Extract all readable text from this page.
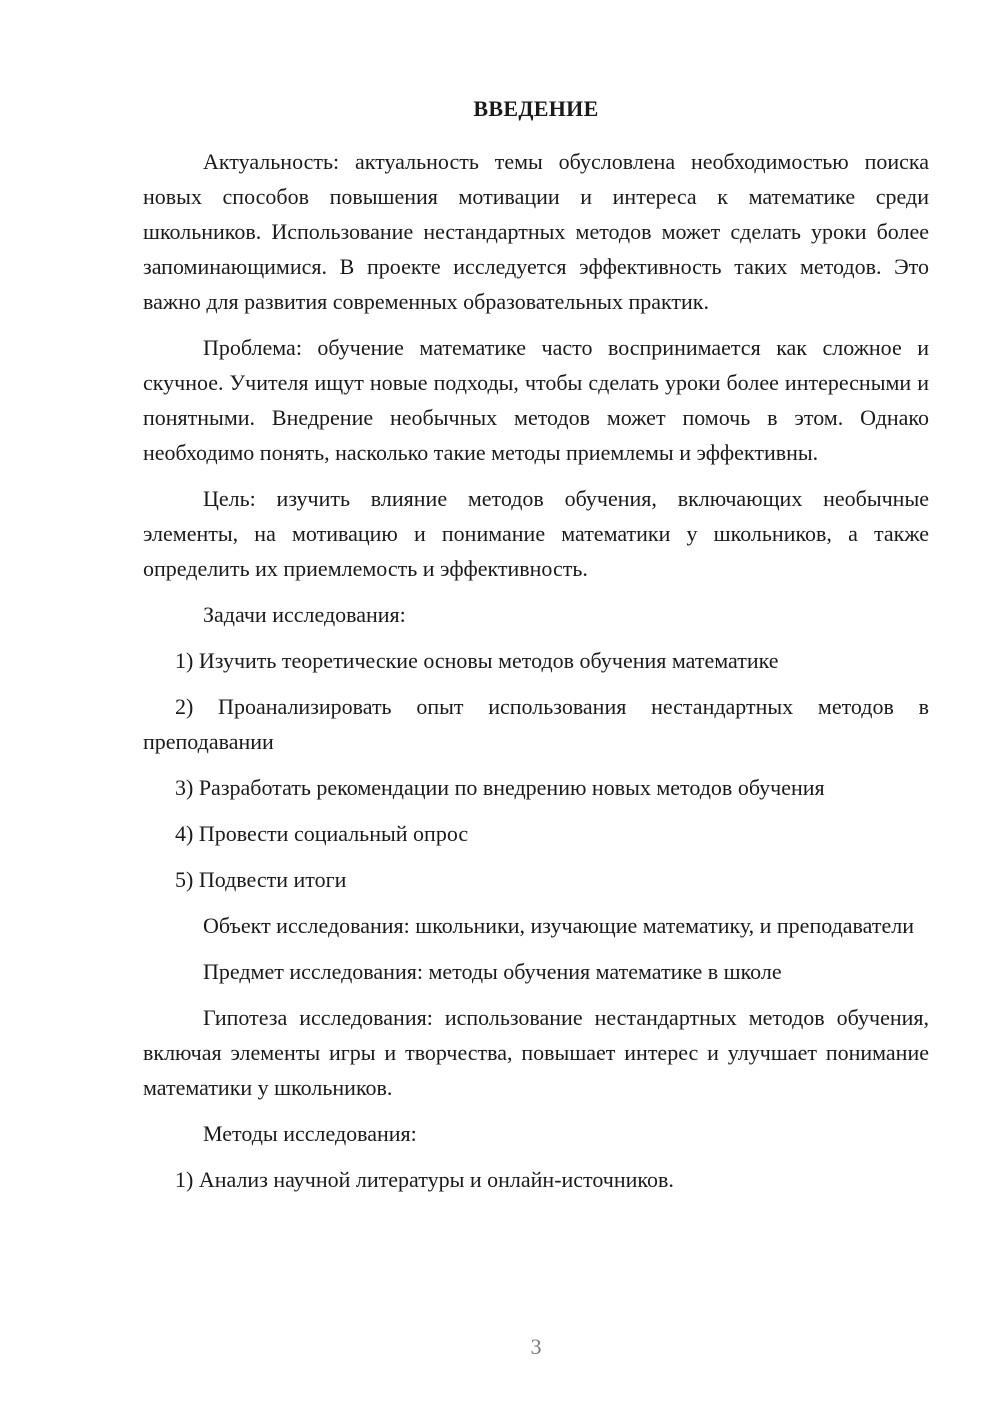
ВВЕДЕНИЕ

Актуальность: актуальность темы обусловлена необходимостью поиска новых способов повышения мотивации и интереса к математике среди школьников. Использование нестандартных методов может сделать уроки более запоминающимися. В проекте исследуется эффективность таких методов. Это важно для развития современных образовательных практик.

Проблема: обучение математике часто воспринимается как сложное и скучное. Учителя ищут новые подходы, чтобы сделать уроки более интересными и понятными. Внедрение необычных методов может помочь в этом. Однако необходимо понять, насколько такие методы приемлемы и эффективны.

Цель: изучить влияние методов обучения, включающих необычные элементы, на мотивацию и понимание математики у школьников, а также определить их приемлемость и эффективность.

Задачи исследования:

1) Изучить теоретические основы методов обучения математике

2) Проанализировать опыт использования нестандартных методов в преподавании

3) Разработать рекомендации по внедрению новых методов обучения

4) Провести социальный опрос

5) Подвести итоги

Объект исследования: школьники, изучающие математику, и преподаватели

Предмет исследования: методы обучения математике в школе

Гипотеза исследования: использование нестандартных методов обучения, включая элементы игры и творчества, повышает интерес и улучшает понимание математики у школьников.

Методы исследования:

1) Анализ научной литературы и онлайн-источников.

3
